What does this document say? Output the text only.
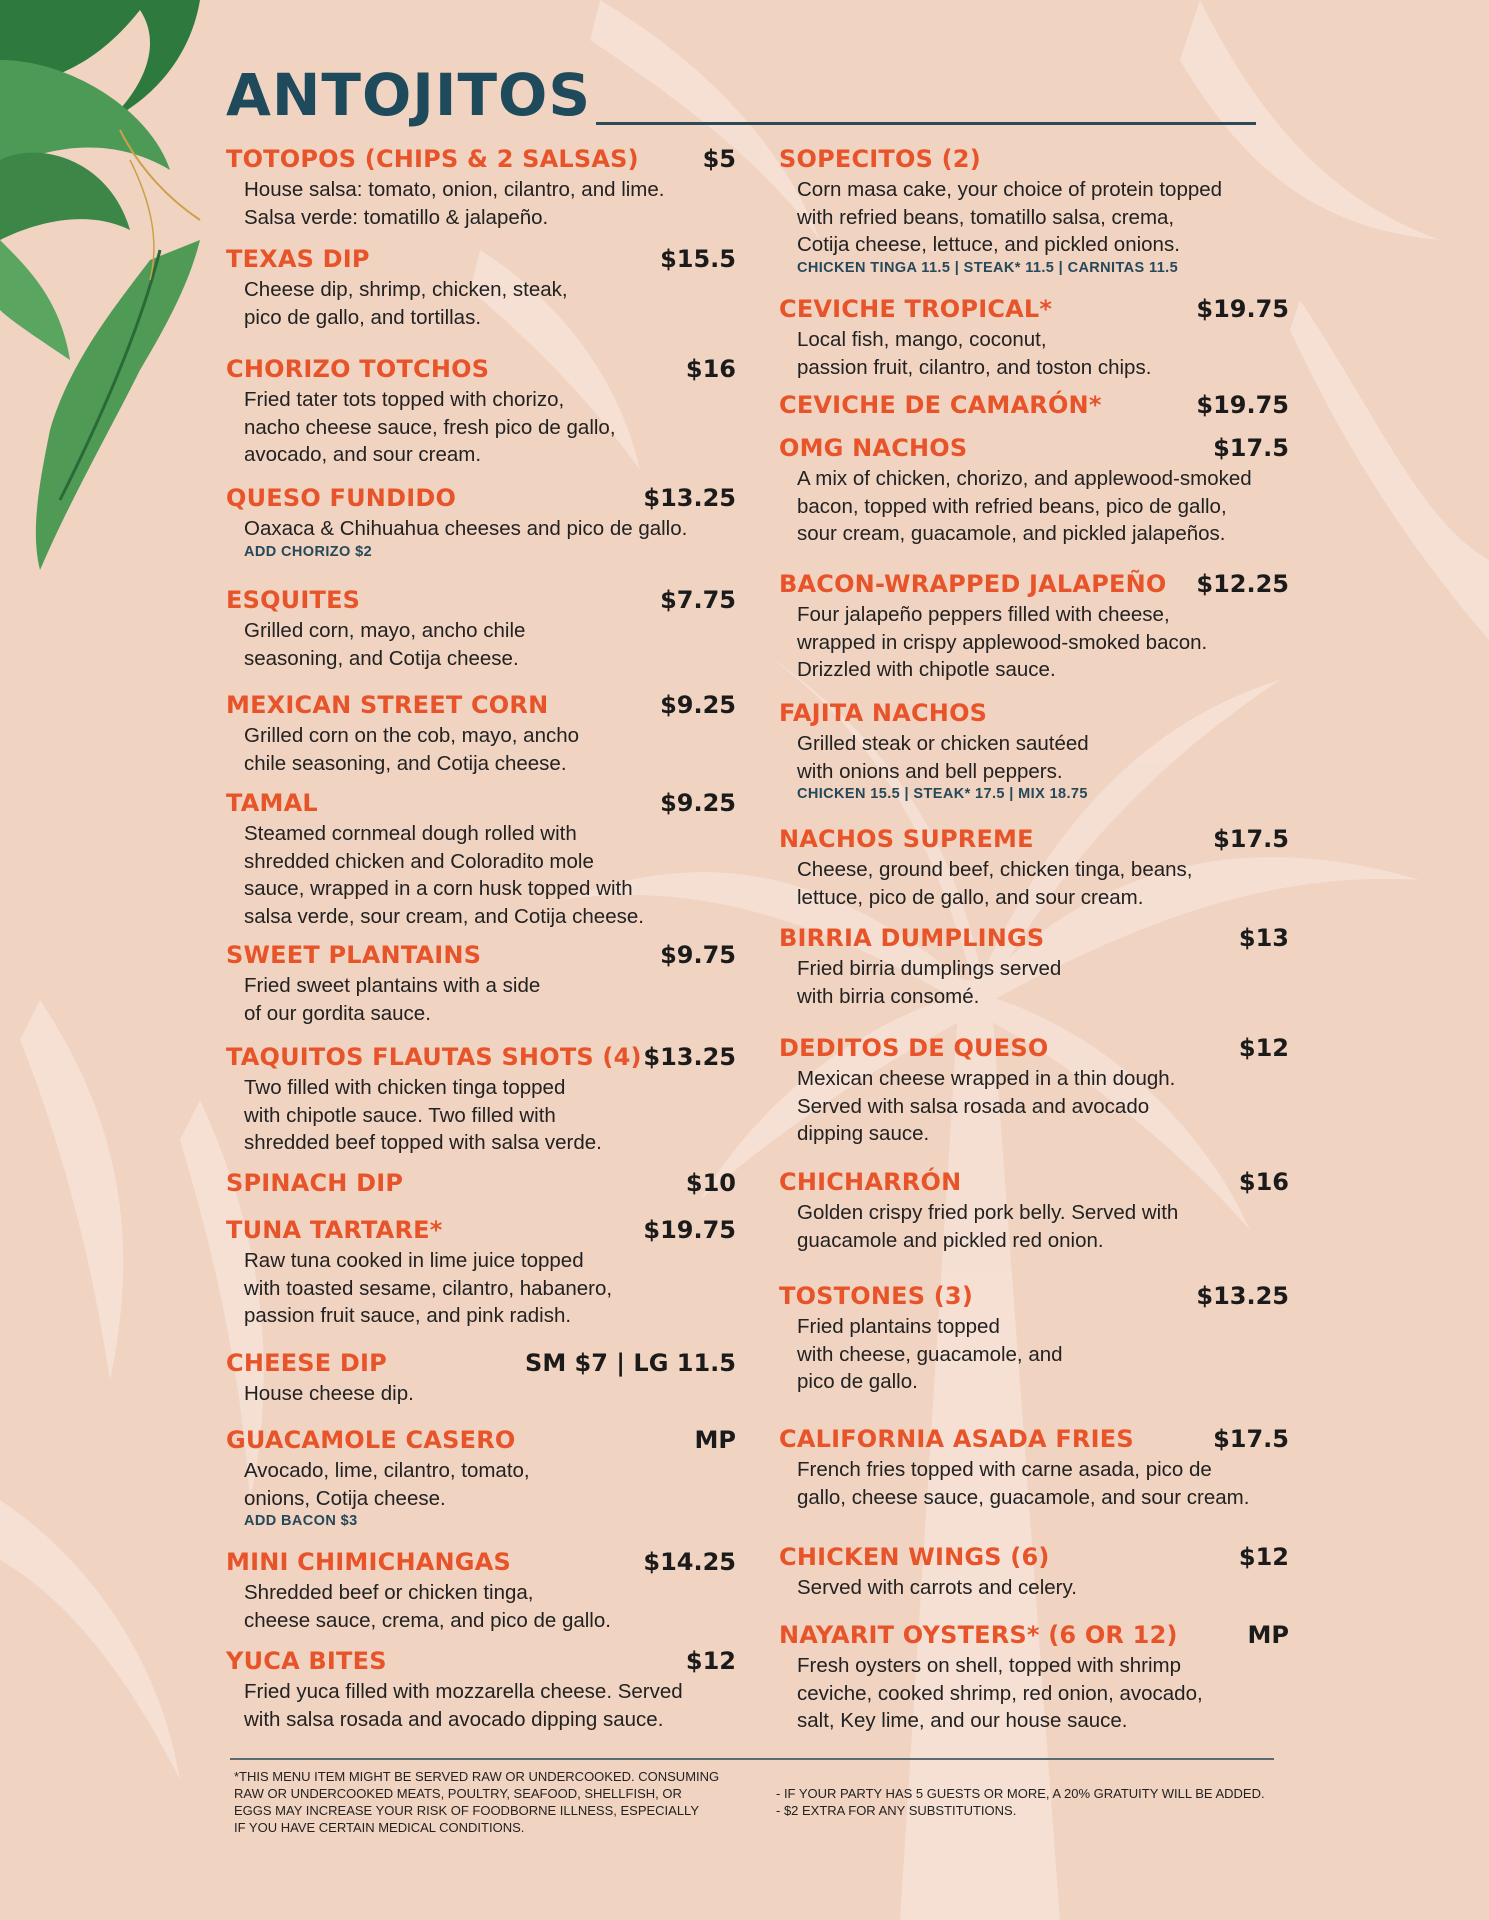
ANTOJITOS
TOTOPOS (CHIPS & 2 SALSAS)	$5

House salsa: tomato, onion, cilantro, and lime.
Salsa verde: tomatillo & jalapeño.

TEXAS DIP	$15.5

Cheese dip, shrimp, chicken, steak,
pico de gallo, and tortillas.

CHORIZO TOTCHOS	$16

Fried tater tots topped with chorizo,
nacho cheese sauce, fresh pico de gallo,
avocado, and sour cream.

QUESO FUNDIDO	$13.25

Oaxaca & Chihuahua cheeses and pico de gallo.

ADD CHORIZO $2

ESQUITES	$7.75

Grilled corn, mayo, ancho chile
seasoning, and Cotija cheese.

MEXICAN STREET CORN	$9.25

Grilled corn on the cob, mayo, ancho
chile seasoning, and Cotija cheese.

TAMAL	$9.25

Steamed cornmeal dough rolled with
shredded chicken and Coloradito mole
sauce, wrapped in a corn husk topped with
salsa verde, sour cream, and Cotija cheese.

SWEET PLANTAINS	$9.75

Fried sweet plantains with a side
of our gordita sauce.

TAQUITOS FLAUTAS SHOTS (4) $13.25

Two filled with chicken tinga topped
with chipotle sauce. Two filled with
shredded beef topped with salsa verde.

SPINACH DIP	$10
TUNA TARTARE*	$19.75

Raw tuna cooked in lime juice topped
with toasted sesame, cilantro, habanero,
passion fruit sauce, and pink radish.

CHEESE DIP	SM $7 | LG 11.5

House cheese dip.

GUACAMOLE CASERO	MP

Avocado, lime, cilantro, tomato,
onions, Cotija cheese.

ADD BACON $3

MINI CHIMICHANGAS	$14.25

Shredded beef or chicken tinga,
cheese sauce, crema, and pico de gallo.

YUCA BITES	$12

Fried yuca filled with mozzarella cheese. Served
with salsa rosada and avocado dipping sauce.

SOPECITOS (2)

Corn masa cake, your choice of protein topped
with refried beans, tomatillo salsa, crema,
Cotija cheese, lettuce, and pickled onions.

CHICKEN TINGA 11.5 | STEAK* 11.5 | CARNITAS 11.5

CEVICHE TROPICAL*	$19.75

Local fish, mango, coconut,
passion fruit, cilantro, and toston chips.

CEVICHE DE CAMARÓN*	$19.75
OMG NACHOS	$17.5

A mix of chicken, chorizo, and applewood-smoked
bacon, topped with refried beans, pico de gallo,
sour cream, guacamole, and pickled jalapeños.

BACON-WRAPPED JALAPEÑO $12.25

Four jalapeño peppers filled with cheese,
wrapped in crispy applewood-smoked bacon.
Drizzled with chipotle sauce.

FAJITA NACHOS

Grilled steak or chicken sautéed
with onions and bell peppers.

CHICKEN 15.5 | STEAK* 17.5 | MIX 18.75

NACHOS SUPREME	$17.5

Cheese, ground beef, chicken tinga, beans,
lettuce, pico de gallo, and sour cream.

BIRRIA DUMPLINGS	$13

Fried birria dumplings served
with birria consomé.

DEDITOS DE QUESO	$12

Mexican cheese wrapped in a thin dough.
Served with salsa rosada and avocado
dipping sauce.

CHICHARRÓN	$16

Golden crispy fried pork belly. Served with
guacamole and pickled red onion.

TOSTONES (3)	$13.25

Fried plantains topped
with cheese, guacamole, and
pico de gallo.

CALIFORNIA ASADA FRIES	$17.5

French fries topped with carne asada, pico de
gallo, cheese sauce, guacamole, and sour cream.

CHICKEN WINGS (6)	$12

Served with carrots and celery.

NAYARIT OYSTERS* (6 OR 12)	MP

Fresh oysters on shell, topped with shrimp
ceviche, cooked shrimp, red onion, avocado,
salt, Key lime, and our house sauce.

*THIS MENU ITEM MIGHT BE SERVED RAW OR UNDERCOOKED. CONSUMING
RAW OR UNDERCOOKED MEATS, POULTRY, SEAFOOD, SHELLFISH, OR
EGGS MAY INCREASE YOUR RISK OF FOODBORNE ILLNESS, ESPECIALLY
IF YOU HAVE CERTAIN MEDICAL CONDITIONS.

- IF YOUR PARTY HAS 5 GUESTS OR MORE, A 20% GRATUITY WILL BE ADDED.
- $2 EXTRA FOR ANY SUBSTITUTIONS.
